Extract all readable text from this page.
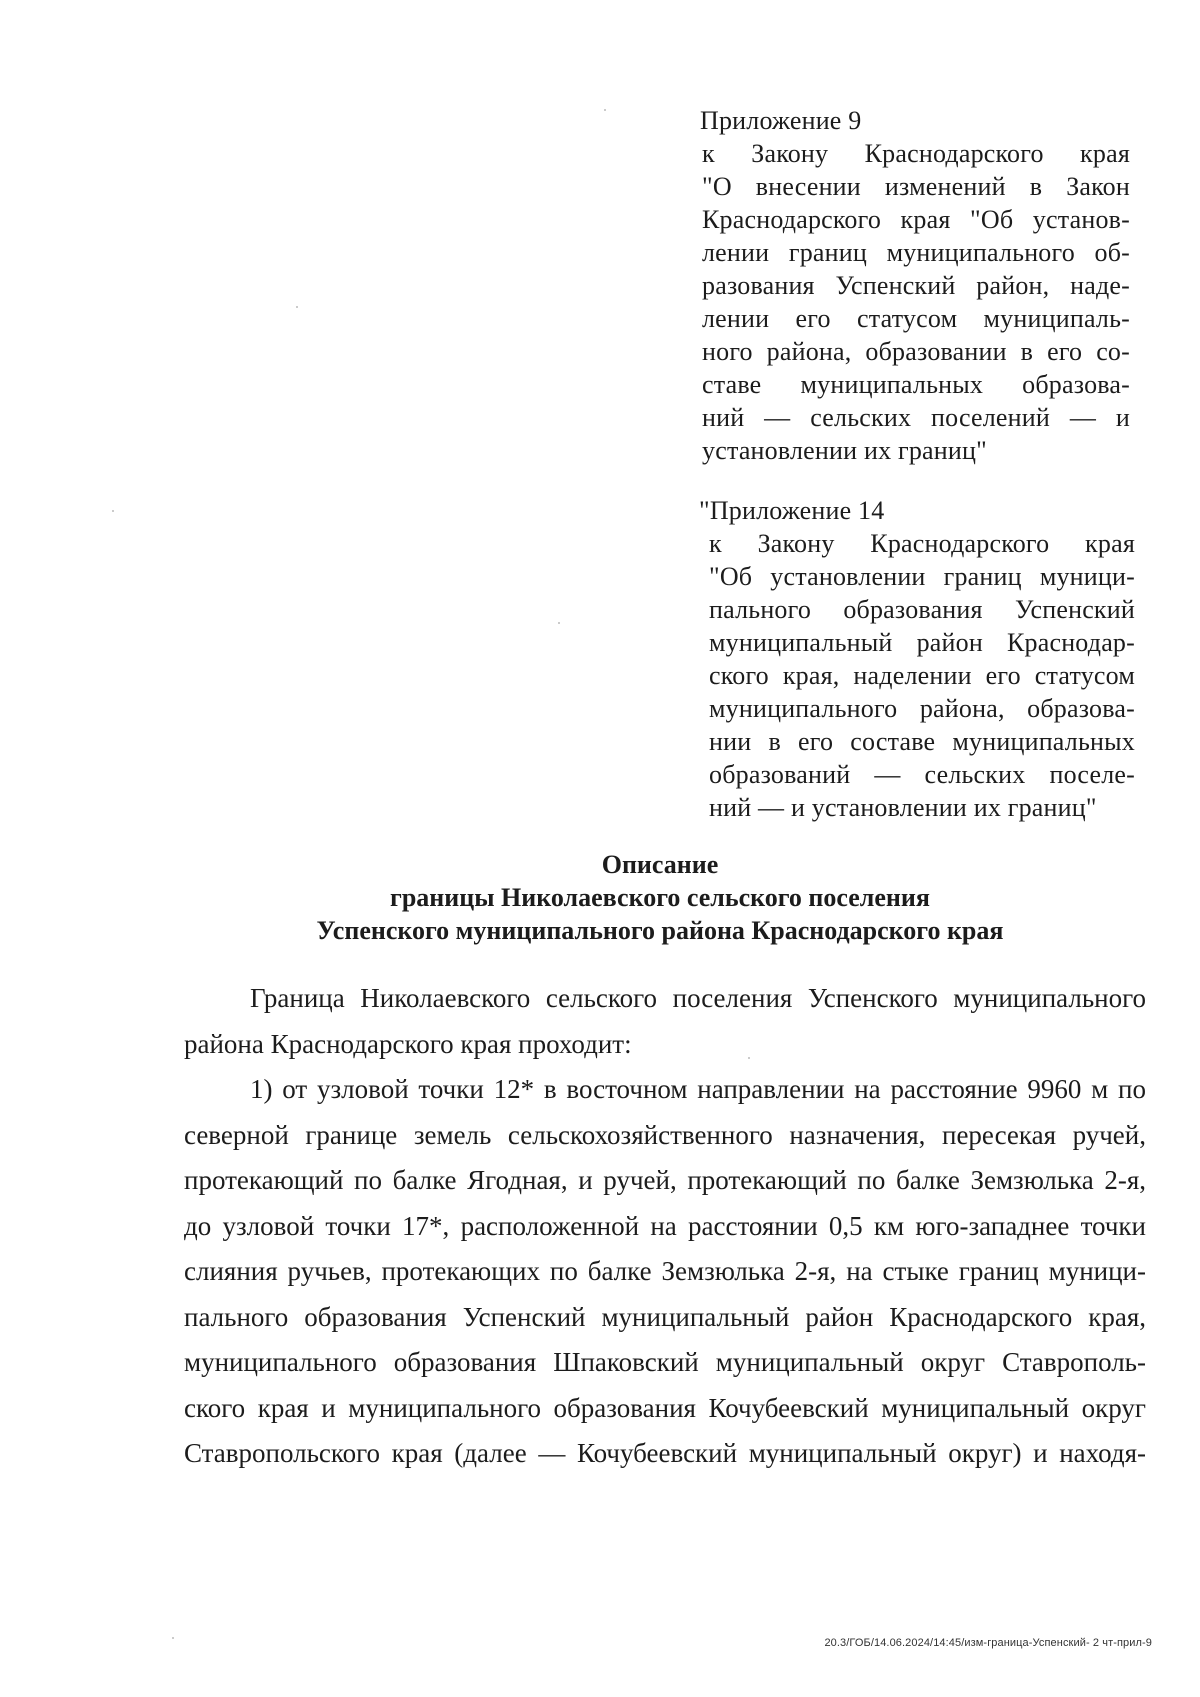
Приложение 9
к Закону Краснодарского края
"О внесении изменений в Закон
Краснодарского края "Об установ-
лении границ муниципального об-
разования Успенский район, наде-
лении его статусом муниципаль-
ного района, образовании в его со-
ставе муниципальных образова-
ний — сельских поселений — и
установлении их границ"
"Приложение 14
к Закону Краснодарского края
"Об установлении границ муници-
пального образования Успенский
муниципальный район Краснодар-
ского края, наделении его статусом
муниципального района, образова-
нии в его составе муниципальных
образований — сельских поселе-
ний — и установлении их границ"
Описание
границы Николаевского сельского поселения
Успенского муниципального района Краснодарского края
Граница Николаевского сельского поселения Успенского муниципального
района Краснодарского края проходит:
1) от узловой точки 12* в восточном направлении на расстояние 9960 м по
северной границе земель сельскохозяйственного назначения, пересекая ручей,
протекающий по балке Ягодная, и ручей, протекающий по балке Земзюлька 2-я,
до узловой точки 17*, расположенной на расстоянии 0,5 км юго-западнее точки
слияния ручьев, протекающих по балке Земзюлька 2-я, на стыке границ муници-
пального образования Успенский муниципальный район Краснодарского края,
муниципального образования Шпаковский муниципальный округ Ставрополь-
ского края и муниципального образования Кочубеевский муниципальный округ
Ставропольского края (далее — Кочубеевский муниципальный округ) и находя-
20.3/ГОБ/14.06.2024/14:45/изм-граница-Успенский- 2 чт-прил-9
